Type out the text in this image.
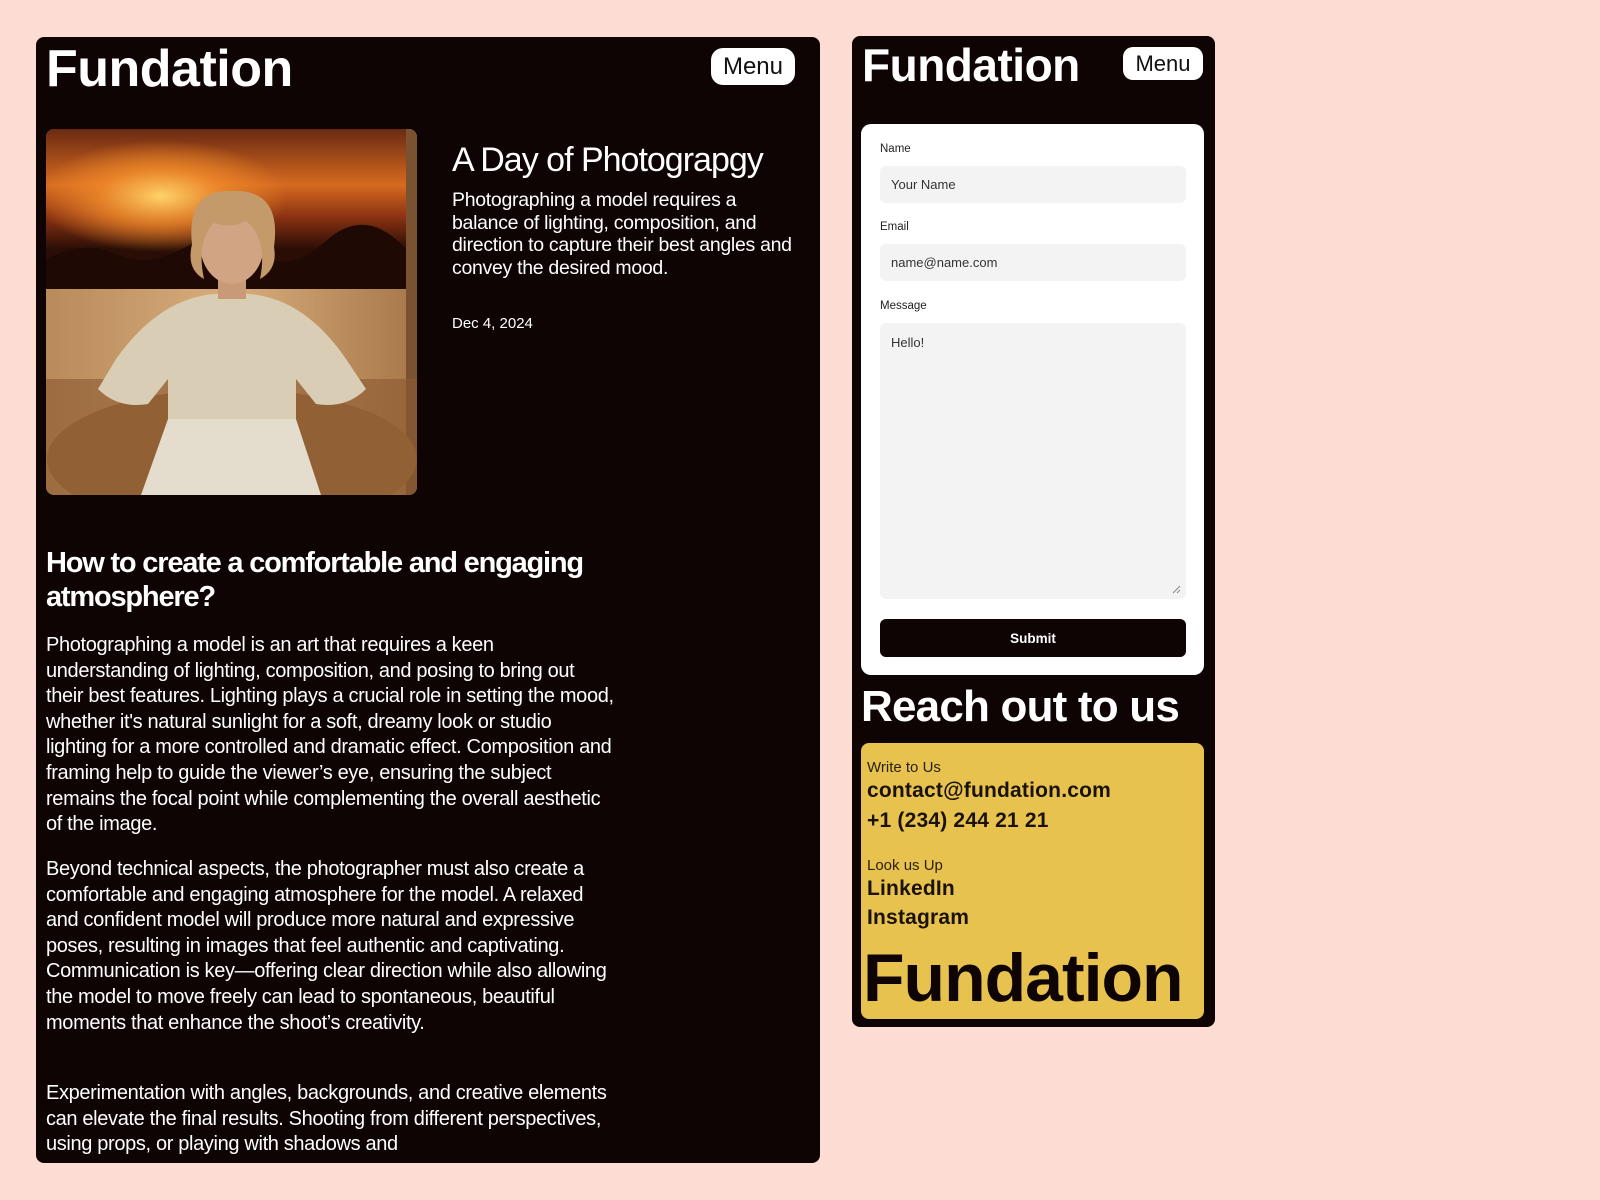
Fundation	Menu
A Day of Photograpgy

Photographing a model requires a balance of lighting, composition, and direction to capture their best angles and convey the desired mood.

Dec 4, 2024

How to create a comfortable and engaging atmosphere?

Photographing a model is an art that requires a keen understanding of lighting, composition, and posing to bring out their best features. Lighting plays a crucial role in setting the mood, whether it's natural sunlight for a soft, dreamy look or studio lighting for a more controlled and dramatic effect. Composition and framing help to guide the viewer’s eye, ensuring the subject remains the focal point while complementing the overall aesthetic of the image.

Beyond technical aspects, the photographer must also create a comfortable and engaging atmosphere for the model. A relaxed and confident model will produce more natural and expressive poses, resulting in images that feel authentic and captivating. Communication is key—offering clear direction while also allowing the model to move freely can lead to spontaneous, beautiful moments that enhance the shoot’s creativity.

Experimentation with angles, backgrounds, and creative elements can elevate the final results. Shooting from different perspectives, using props, or playing with shadows and

Fundation	Menu
Name
Your Name
Email
name@name.com
Message
Hello!
Submit
Reach out to us
Write to Us
contact@fundation.com
+1 (234) 244 21 21
Look us Up
LinkedIn
Instagram
Fundation
